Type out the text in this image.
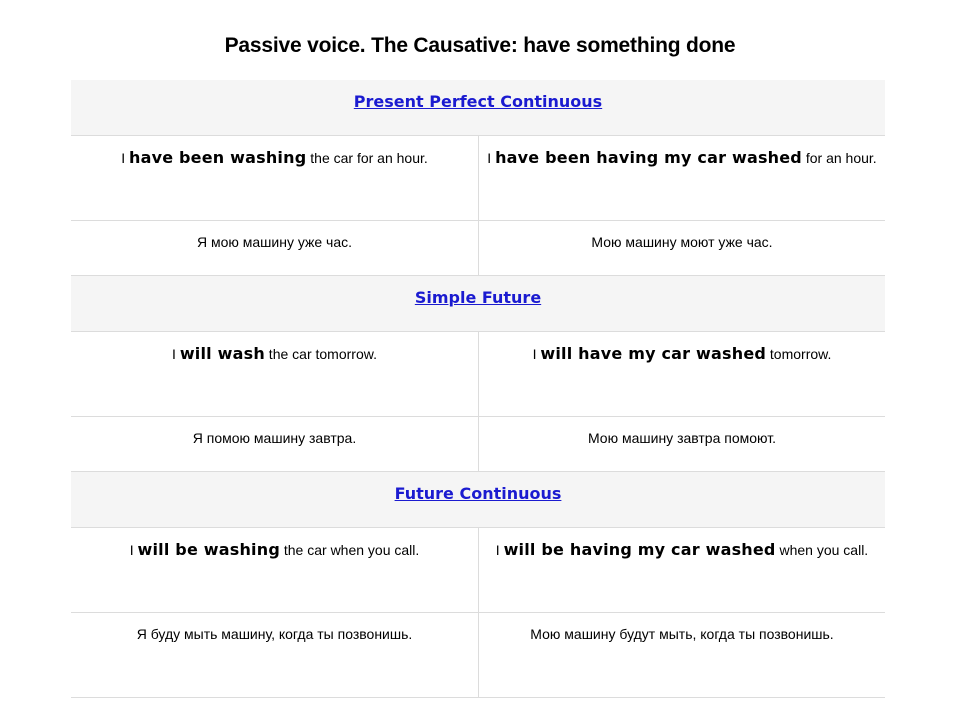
Passive voice. The Causative: have something done
Present Perfect Continuous
I have been washing the car for an hour.	I have been having my car washed for an hour.
Я мою машину уже час.	Мою машину моют уже час.
Simple Future
I will wash the car tomorrow.	I will have my car washed tomorrow.
Я помою машину завтра.	Мою машину завтра помоют.
Future Continuous
I will be washing the car when you call.	I will be having my car washed when you call.
Я буду мыть машину, когда ты позвонишь.	Мою машину будут мыть, когда ты позвонишь.
